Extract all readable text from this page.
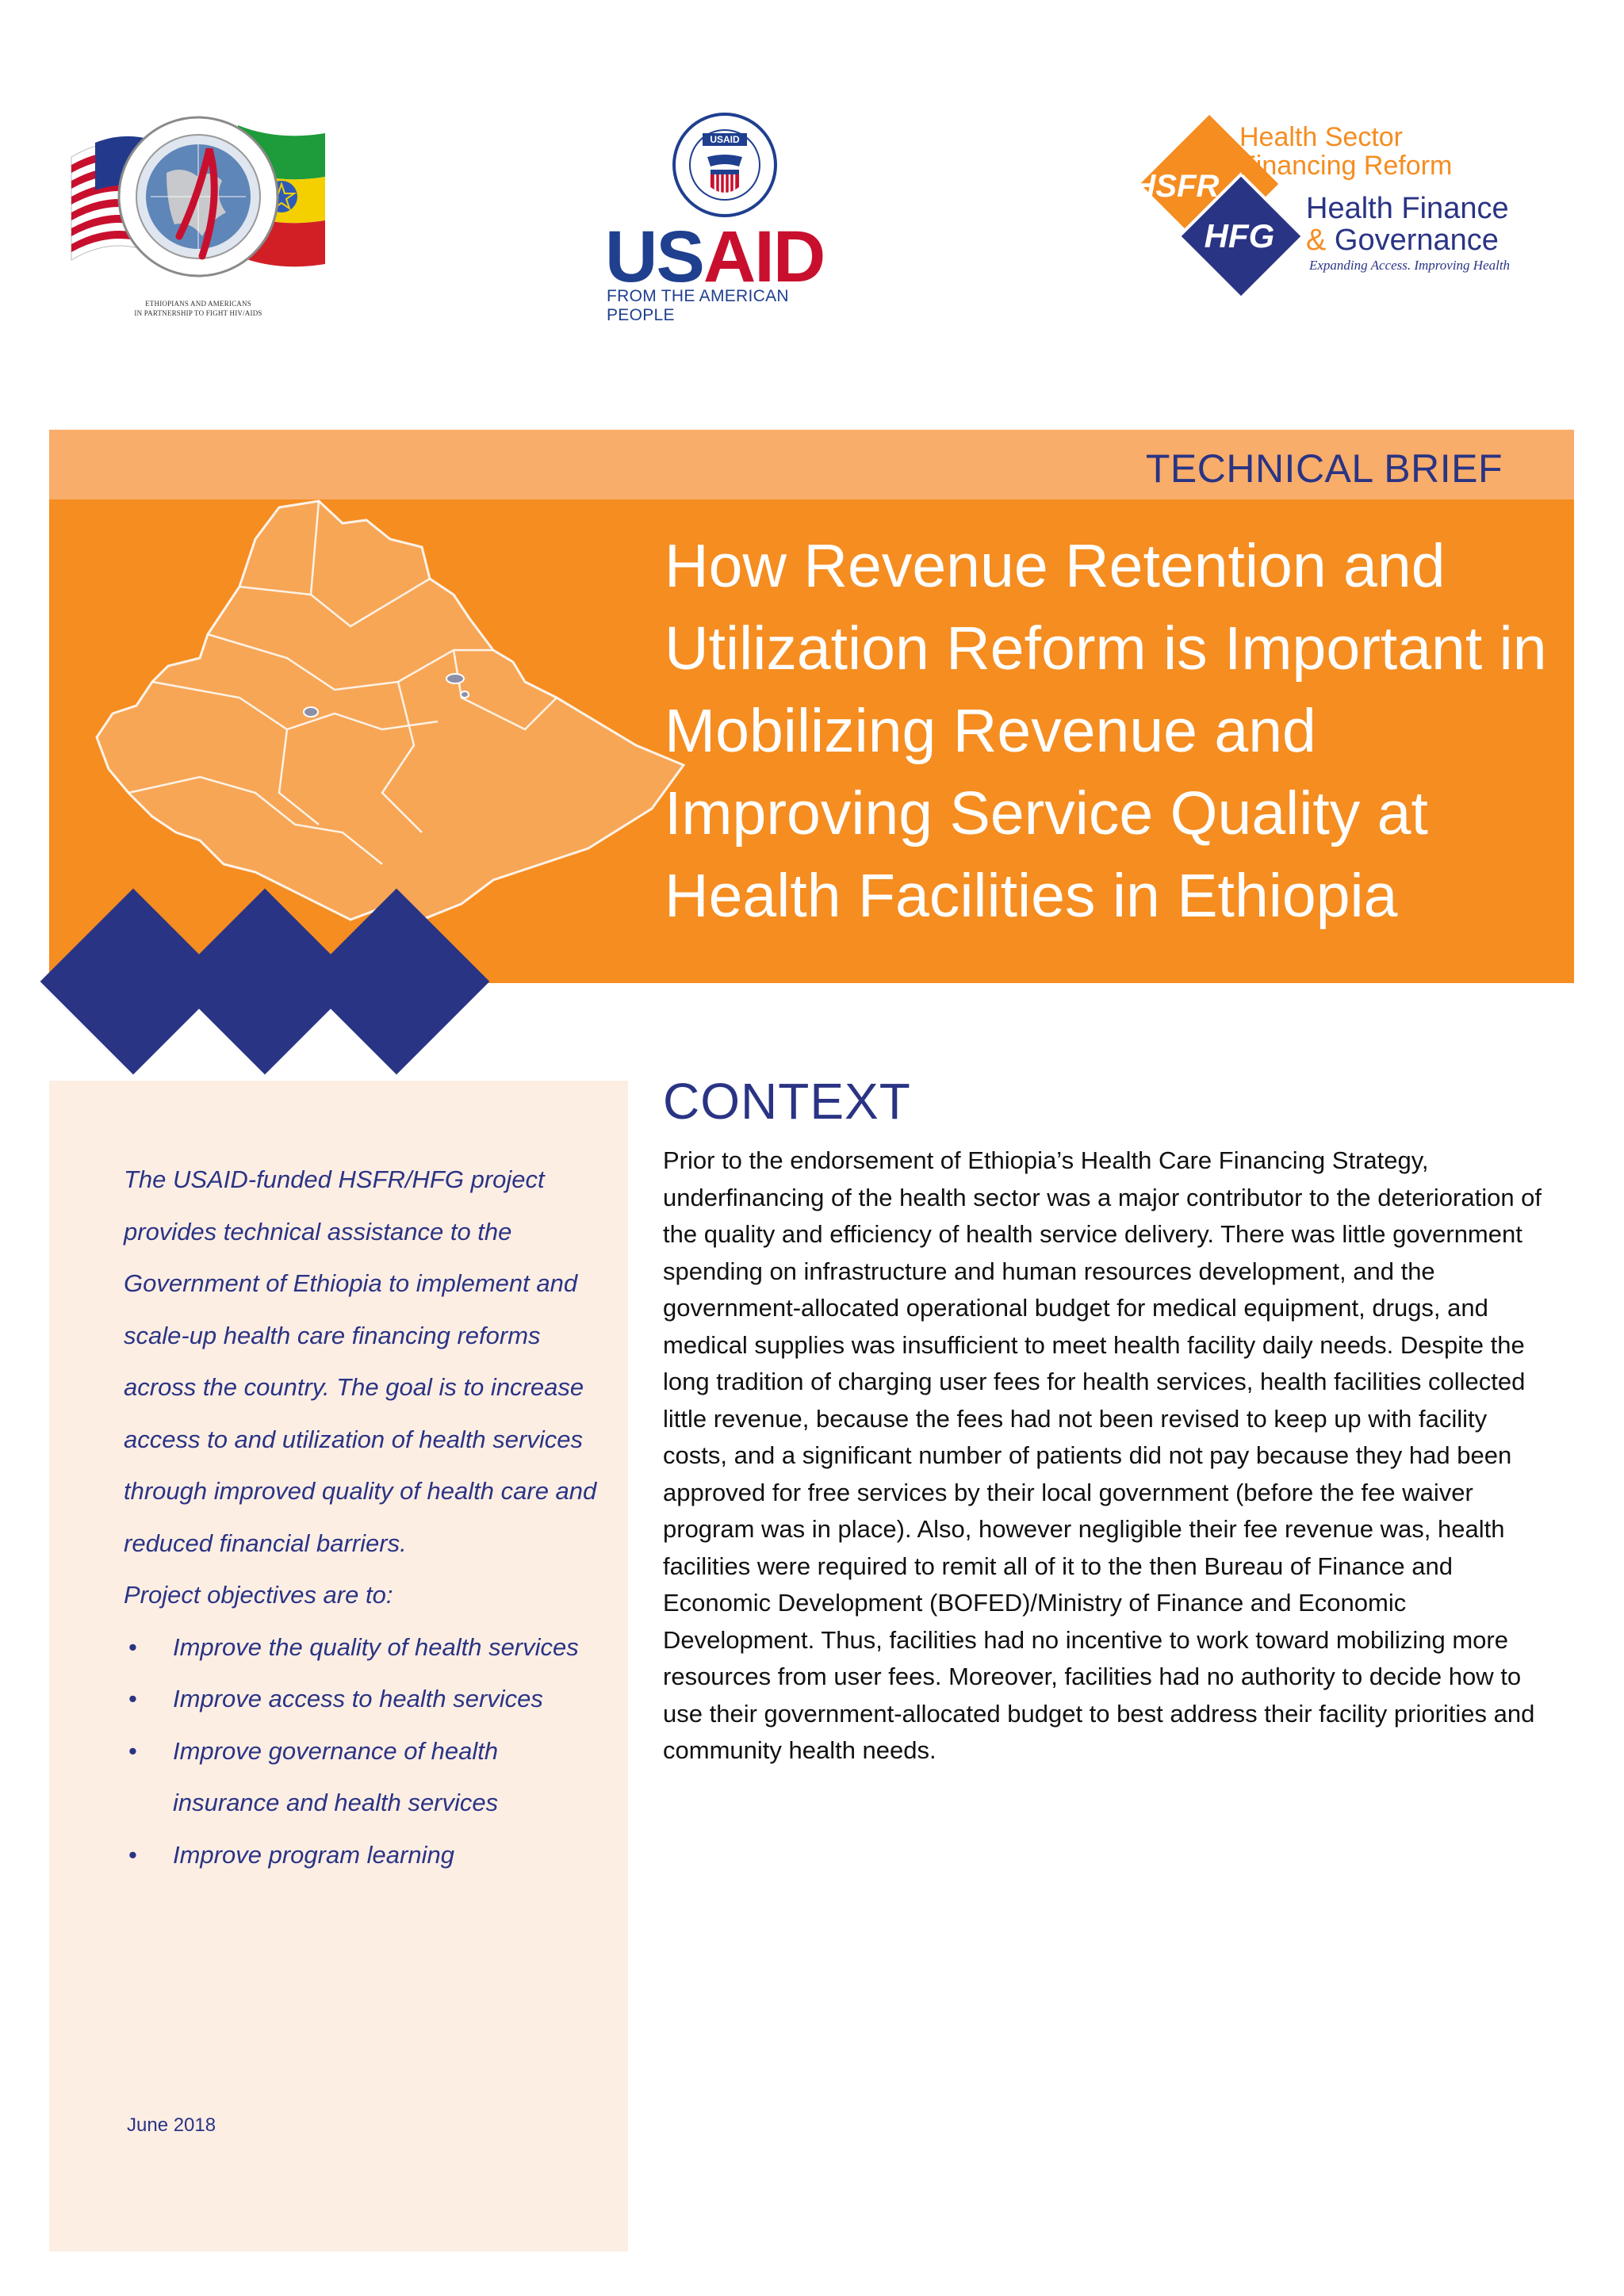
ETHIOPIANS AND AMERICANS
IN PARTNERSHIP TO FIGHT HIV/AIDS
USAID
USAID
FROM THE AMERICAN PEOPLE
HSFR
HFG
Health Sector
Financing Reform
Health Finance
& Governance
Expanding Access. Improving Health
TECHNICAL BRIEF
How Revenue Retention and Utilization Reform is Important in Mobilizing Revenue and Improving Service Quality at Health Facilities in Ethiopia
The USAID-funded HSFR/HFG project provides technical assistance to the Government of Ethiopia to implement and scale-up health care financing reforms across the country. The goal is to increase access to and utilization of health services through improved quality of health care and reduced financial barriers.
Project objectives are to:
• Improve the quality of health services
• Improve access to health services
• Improve governance of health insurance and health services
• Improve program learning
June 2018
CONTEXT

Prior to the endorsement of Ethiopia’s Health Care Financing Strategy, underfinancing of the health sector was a major contributor to the deterioration of the quality and efficiency of health service delivery. There was little government spending on infrastructure and human resources development, and the government-allocated operational budget for medical equipment, drugs, and medical supplies was insufficient to meet health facility daily needs. Despite the long tradition of charging user fees for health services, health facilities collected little revenue, because the fees had not been revised to keep up with facility costs, and a significant number of patients did not pay because they had been approved for free services by their local government (before the fee waiver program was in place). Also, however negligible their fee revenue was, health facilities were required to remit all of it to the then Bureau of Finance and Economic Development (BOFED)/Ministry of Finance and Economic Development. Thus, facilities had no incentive to work toward mobilizing more resources from user fees. Moreover, facilities had no authority to decide how to use their government-allocated budget to best address their facility priorities and community health needs.
